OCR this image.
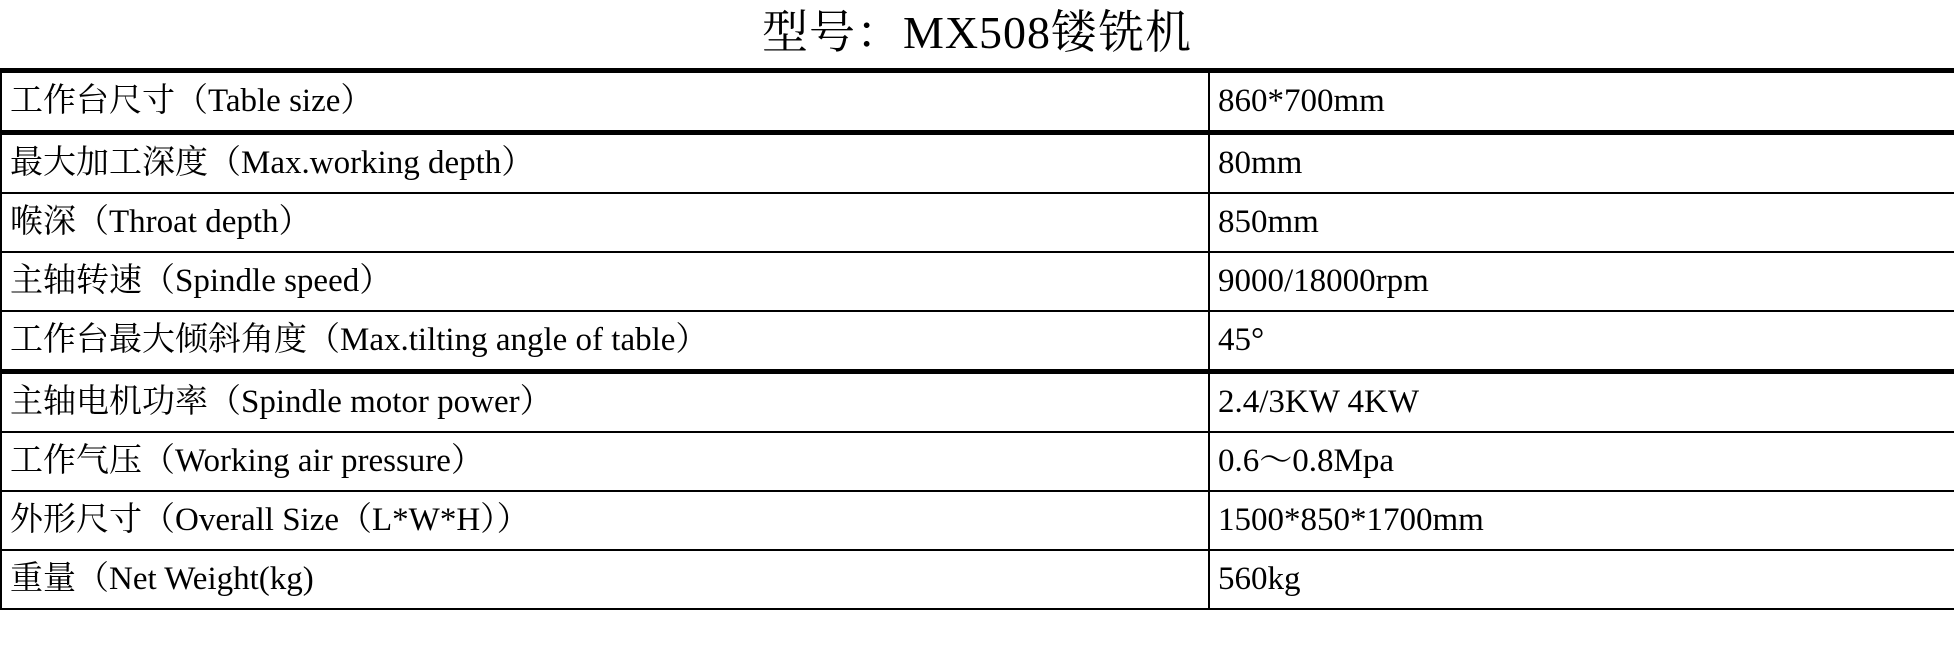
型号：MX508镂铣机
工作台尺寸（Table size）	860*700mm
最大加工深度（Max.working depth）	80mm
喉深（Throat depth）	850mm
主轴转速（Spindle speed）	9000/18000rpm
工作台最大倾斜角度（Max.tilting angle of table）	45°
主轴电机功率（Spindle motor power）	2.4/3KW 4KW
工作气压（Working air pressure）	0.6～0.8Mpa
外形尺寸（Overall Size（L*W*H））	1500*850*1700mm
重量（Net Weight(kg)	560kg
